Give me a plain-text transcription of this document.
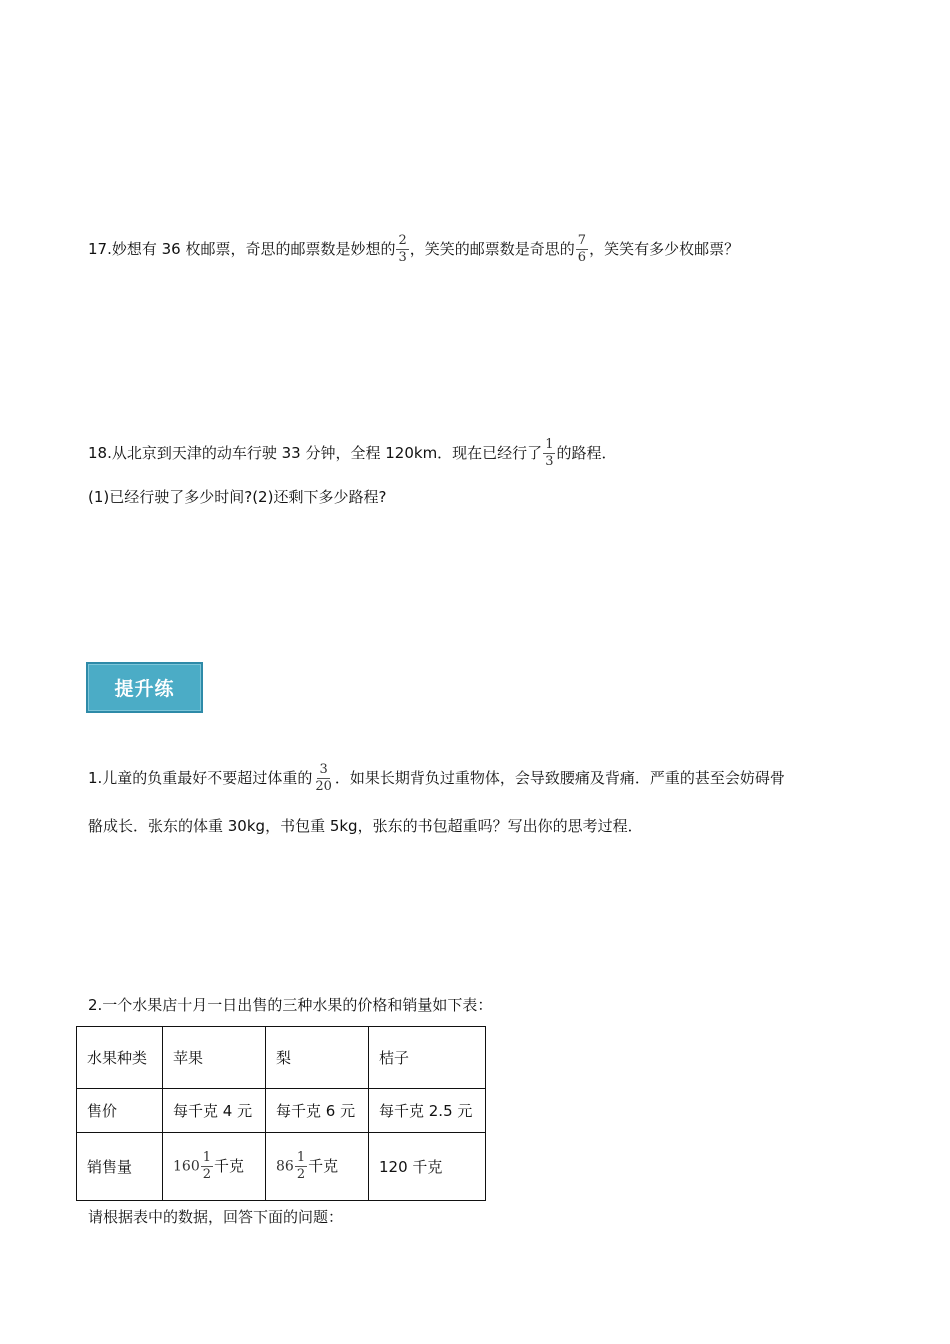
17.妙想有 36 枚邮票，奇思的邮票数是妙想的 $\frac{2}{3}$ ，笑笑的邮票数是奇思的 $\frac{7}{6}$ ，笑笑有多少枚邮票？
18.从北京到天津的动车行驶 33 分钟，全程 120km．现在已经行了 $\frac{1}{3}$ 的路程．
(1)已经行驶了多少时间?(2)还剩下多少路程?
提升练
1.儿童的负重最好不要超过体重的 $\frac{3}{20}$ ．如果长期背负过重物体，会导致腰痛及背痛．严重的甚至会妨碍骨
骼成长．张东的体重 30kg，书包重 5kg，张东的书包超重吗？写出你的思考过程．
2.一个水果店十月一日出售的三种水果的价格和销量如下表：
水果种类	苹果	梨	桔子
售价	每千克 4 元	每千克 6 元	每千克 2.5 元
销售量	$160 \frac{1}{2}$ 千克	$86 \frac{1}{2}$ 千克	120 千克
请根据表中的数据，回答下面的问题：
